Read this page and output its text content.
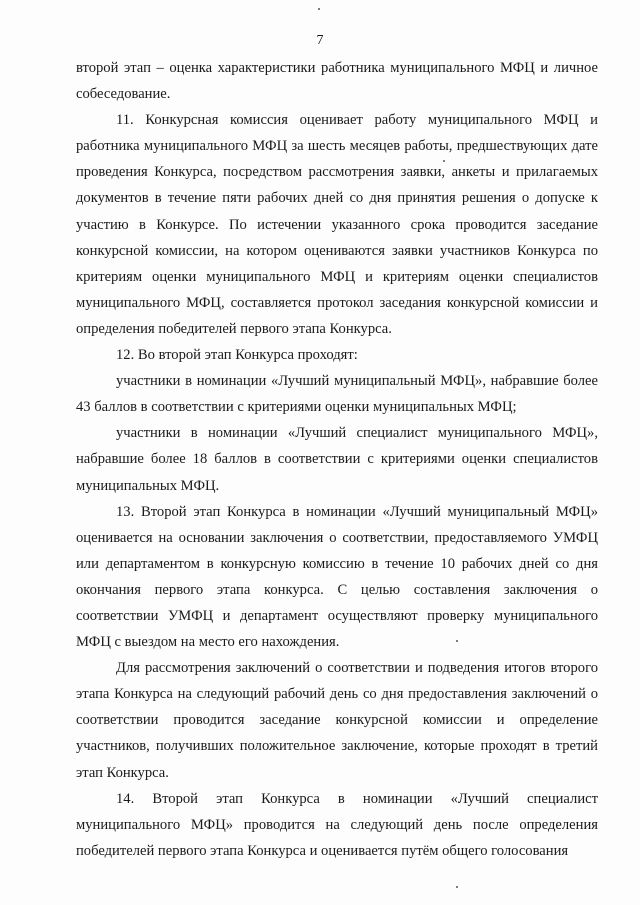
7

второй этап – оценка характеристики работника муниципального МФЦ и личное собеседование.

11. Конкурсная комиссия оценивает работу муниципального МФЦ и работника муниципального МФЦ за шесть месяцев работы, предшествующих дате проведения Конкурса, посредством рассмотрения заявки, анкеты и прилагаемых документов в течение пяти рабочих дней со дня принятия решения о допуске к участию в Конкурсе. По истечении указанного срока проводится заседание конкурсной комиссии, на котором оцениваются заявки участников Конкурса по критериям оценки муниципального МФЦ и критериям оценки специалистов муниципального МФЦ, составляется протокол заседания конкурсной комиссии и определения победителей первого этапа Конкурса.

12. Во второй этап Конкурса проходят:

участники в номинации «Лучший муниципальный МФЦ», набравшие более 43 баллов в соответствии с критериями оценки муниципальных МФЦ;

участники в номинации «Лучший специалист муниципального МФЦ», набравшие более 18 баллов в соответствии с критериями оценки специалистов муниципальных МФЦ.

13. Второй этап Конкурса в номинации «Лучший муниципальный МФЦ» оценивается на основании заключения о соответствии, предоставляемого УМФЦ или департаментом в конкурсную комиссию в течение 10 рабочих дней со дня окончания первого этапа конкурса. С целью составления заключения о соответствии УМФЦ и департамент осуществляют проверку муниципального МФЦ с выездом на место его нахождения.

Для рассмотрения заключений о соответствии и подведения итогов второго этапа Конкурса на следующий рабочий день со дня предоставления заключений о соответствии проводится заседание конкурсной комиссии и определение участников, получивших положительное заключение, которые проходят в третий этап Конкурса.

14. Второй этап Конкурса в номинации «Лучший специалист муниципального МФЦ» проводится на следующий день после определения победителей первого этапа Конкурса и оценивается путём общего голосования
